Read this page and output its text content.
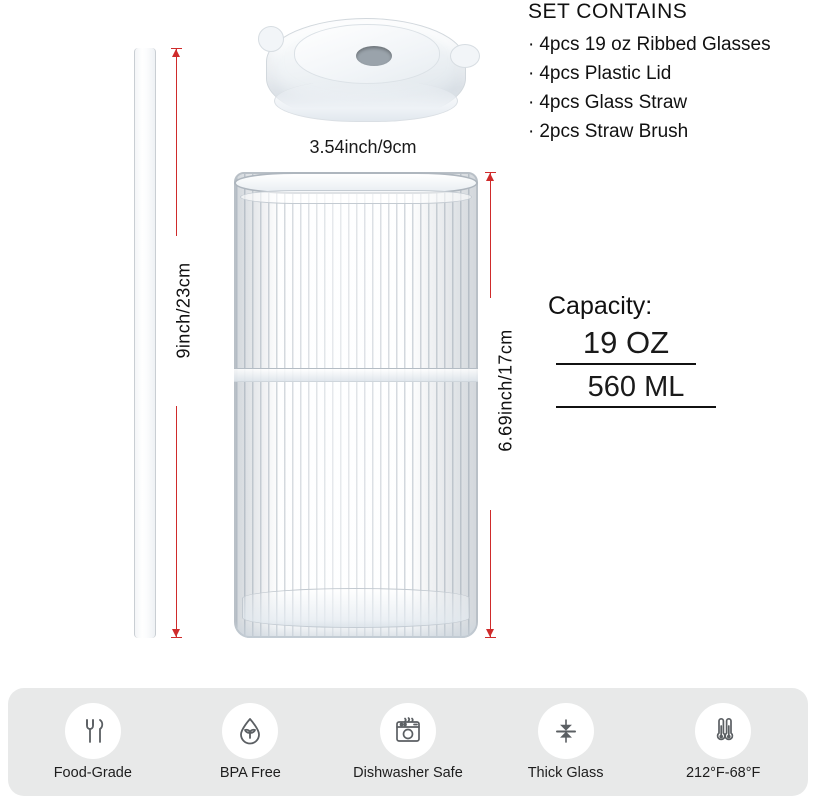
9inch/23cm
3.54inch/9cm
6.69inch/17cm
SET CONTAINS
· 4pcs 19 oz Ribbed Glasses
· 4pcs Plastic Lid
· 4pcs Glass Straw
· 2pcs Straw Brush
Capacity:
19 OZ
560 ML
Food-Grade	BPA Free	Dishwasher Safe	Thick Glass	212°F-68°F
